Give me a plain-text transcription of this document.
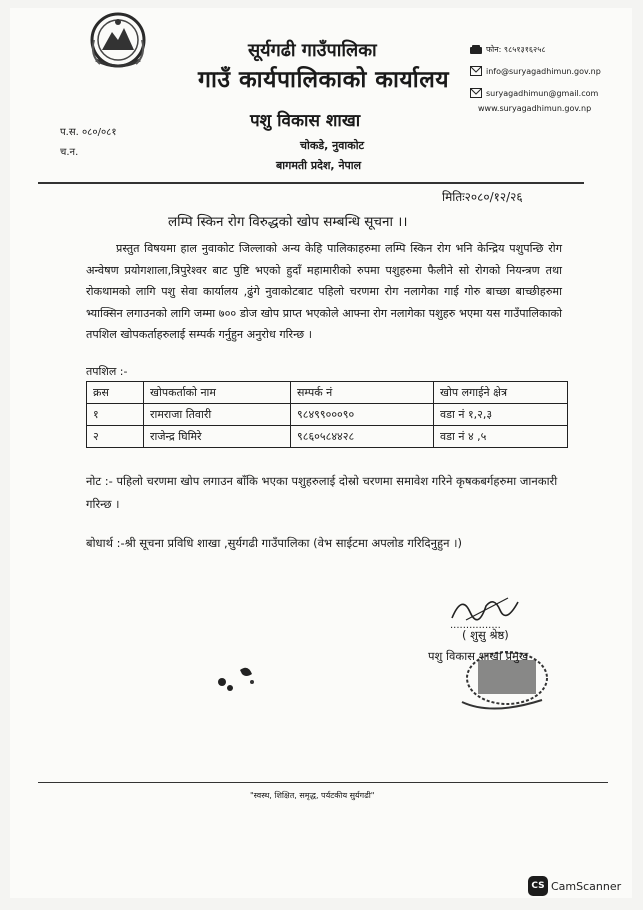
सूर्यगढी गाउँपालिका
गाउँ कार्यपालिकाको कार्यालय
पशु विकास शाखा
चोकडे, नुवाकोट
बागमती प्रदेश, नेपाल
फोन: ९८५१३१६२५८
info@suryagadhimun.gov.np
suryagadhimun@gmail.com
www.suryagadhimun.gov.np
प.स. ०८०/०८१
च.न.
मितिः२०८०/१२/२६
लम्पि स्किन रोग विरुद्धको खोप सम्बन्धि सूचना ।।
प्रस्तुत विषयमा हाल नुवाकोट जिल्लाको अन्य केहि पालिकाहरुमा लम्पि स्किन रोग भनि केन्द्रिय पशुपन्छि रोग अन्वेषण प्रयोगशाला,त्रिपुरेश्वर बाट पुष्टि भएको हुदाँ महामारीको रुपमा पशुहरुमा फैलीने सो रोगको नियन्त्रण तथा रोकथामको लागि पशु सेवा कार्यालय ,ढुंगे नुवाकोटबाट पहिलो चरणमा रोग नलागेका गाई गोरु बाच्छा बाच्छीहरुमा भ्याक्सिन लगाउनको लागि जम्मा ७०० डोज खोप प्राप्त भएकोले आफ्ना रोग नलागेका पशुहरु भएमा यस गाउँपालिकाको तपशिल खोपकर्ताहरुलाई सम्पर्क गर्नुहुन अनुरोध गरिन्छ ।
तपशिल :-
क्रस	खोपकर्ताको नाम	सम्पर्क नं	खोप लगाईने क्षेत्र
१	रामराजा तिवारी	९८४९९०००९०	वडा नं १,२,३
२	राजेन्द्र घिमिरे	९८६०५८४४२८	वडा नं ४ ,५
नोट :- पहिलो चरणमा खोप लगाउन बाँकि भएका पशुहरुलाई दोस्रो चरणमा समावेश गरिने कृषकबर्गहरुमा जानकारी गरिन्छ ।
बोधार्थ :-श्री सूचना प्रविधि शाखा ,सुर्यगढी गाउँपालिका (वेभ साईटमा अपलोड गरिदिनुहुन ।)
................
( शुसु श्रेष्ठ)
पशु विकास शाखा प्रमुख
"स्वस्थ, शिक्षित, समृद्ध, पर्यटकीय सुर्यगढी"
CS CamScanner
